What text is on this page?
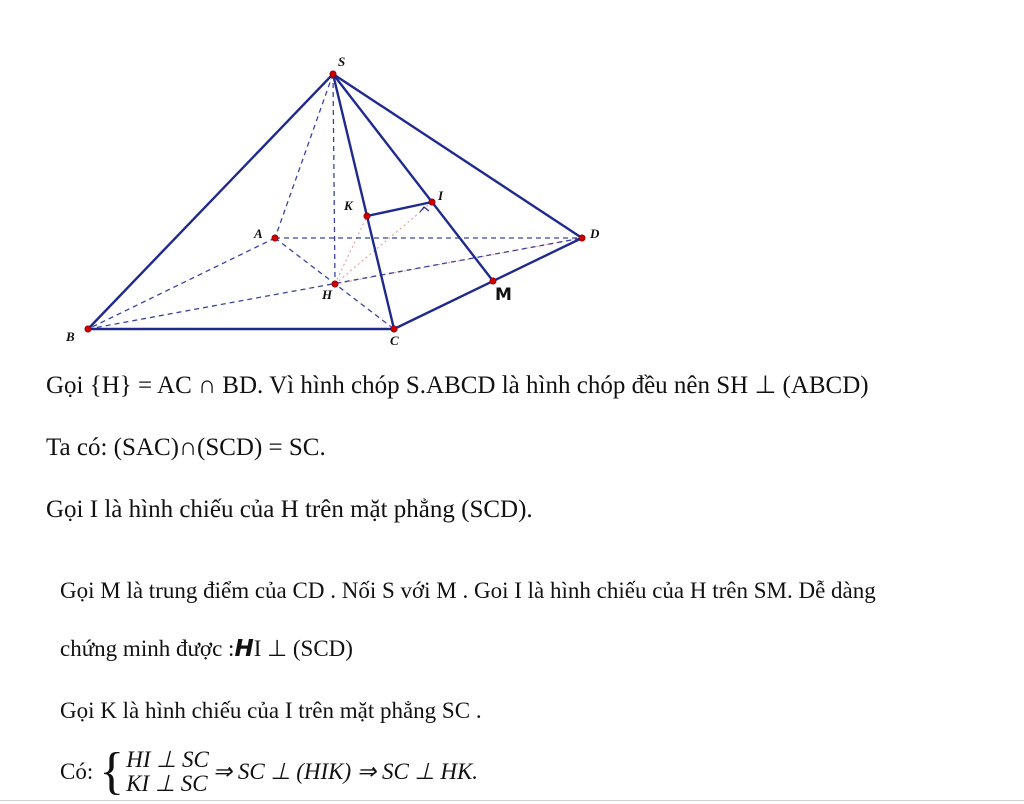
S
A
B	C
D
H
K
I
M
Gọi {H} = AC ∩ BD. Vì hình chóp S.ABCD là hình chóp đều nên SH ⊥ (ABCD)
Ta có: (SAC)∩(SCD) = SC.
Gọi I là hình chiếu của H trên mặt phẳng (SCD).
Gọi M là trung điểm của CD . Nối S với M . Goi I là hình chiếu của H trên SM. Dễ dàng
chứng minh được :HI ⊥ (SCD)
Gọi K là hình chiếu của I trên mặt phẳng SC .
Có: { HI ⊥ SC
KI ⊥ SC ⇒ SC ⊥ (HIK) ⇒ SC ⊥ HK.
